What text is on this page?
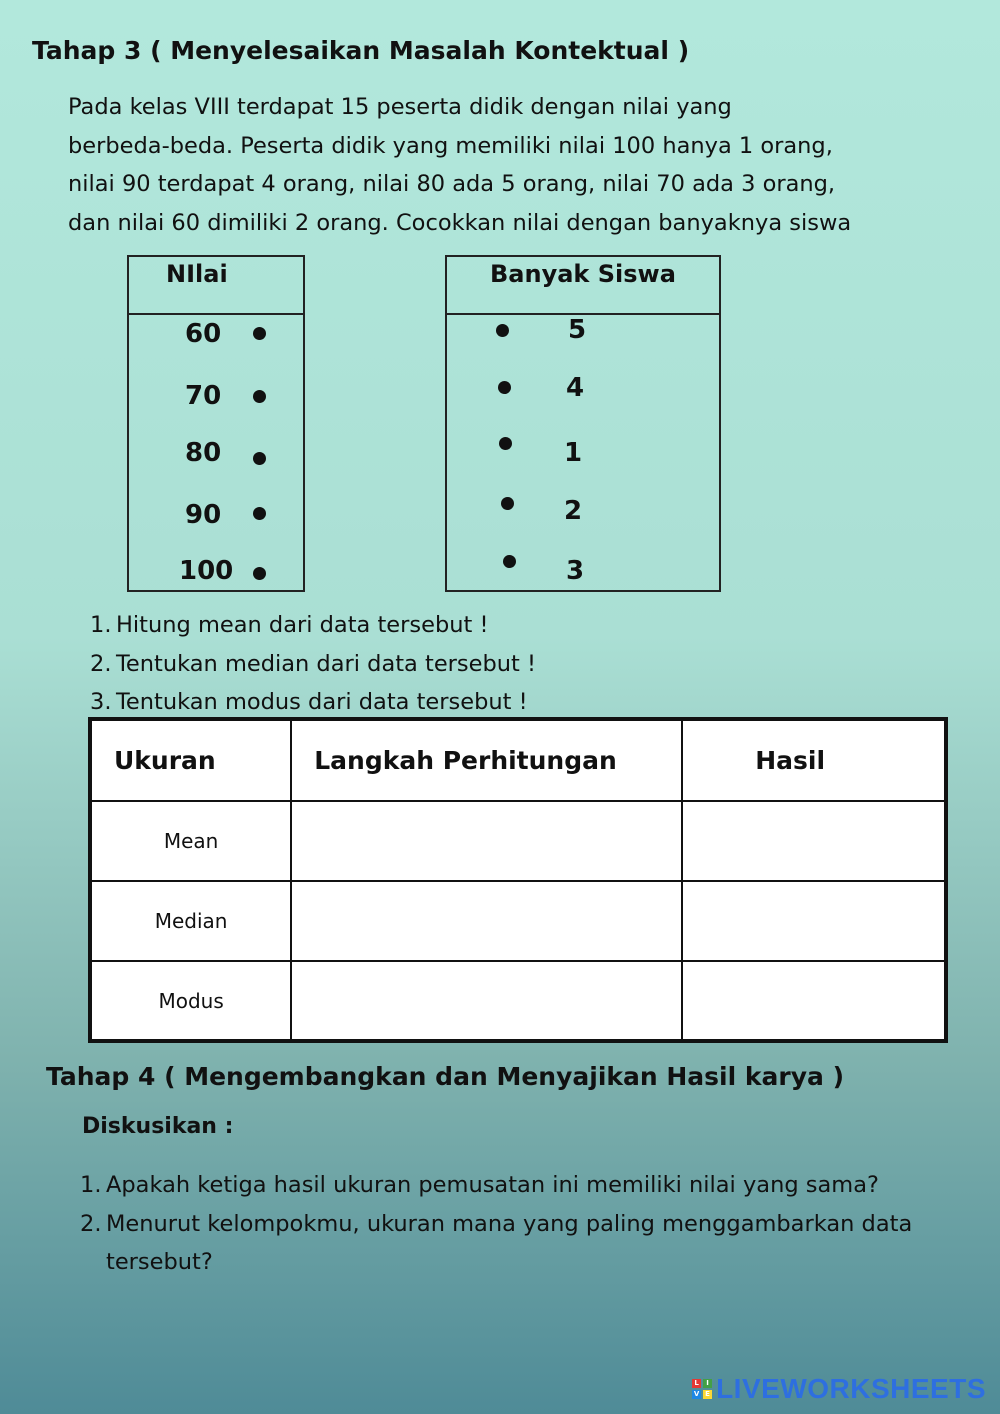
Tahap 3 ( Menyelesaikan Masalah Kontektual )
Pada kelas VIII terdapat 15 peserta didik dengan nilai yang
berbeda-beda. Peserta didik yang memiliki nilai 100 hanya 1 orang,
nilai 90 terdapat 4 orang, nilai 80 ada 5 orang, nilai 70 ada 3 orang,
dan nilai 60 dimiliki 2 orang. Cocokkan nilai dengan banyaknya siswa
NIlai
60
70
80
90
100
Banyak Siswa
5
4
1
2
3
1. Hitung mean dari data tersebut !
2. Tentukan median dari data tersebut !
3. Tentukan modus dari data tersebut !
Ukuran	Langkah Perhitungan	Hasil
Mean		
Median		
Modus		
Tahap 4 ( Mengembangkan dan Menyajikan Hasil karya )
Diskusikan :
1. Apakah ketiga hasil ukuran pemusatan ini memiliki nilai yang sama?
2. Menurut kelompokmu, ukuran mana yang paling menggambarkan data tersebut?
L	I
V E LIVEWORKSHEETS
